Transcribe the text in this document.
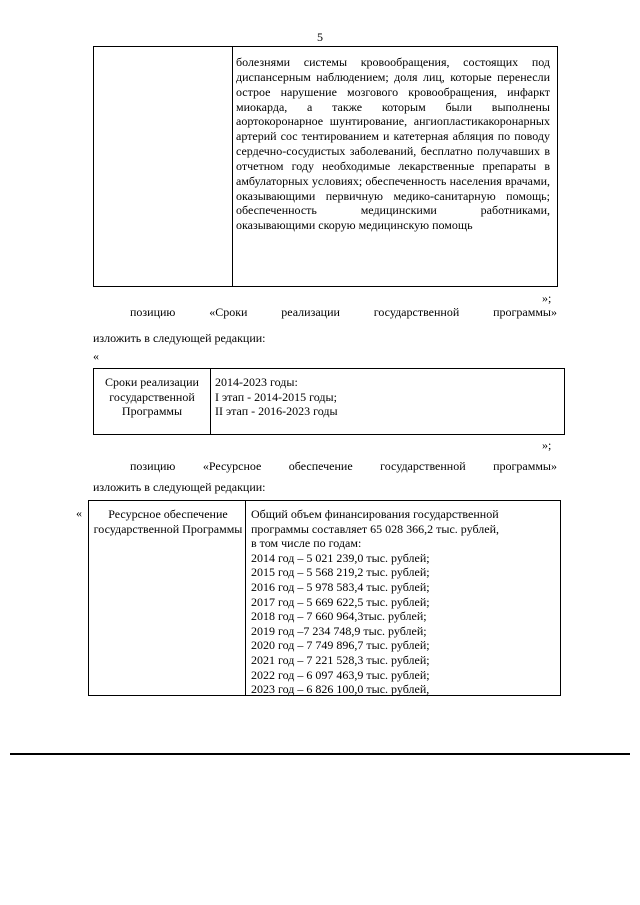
5
болезнями системы кровообращения, состоящих под диспансерным наблюдением; доля лиц, которые перенесли острое нарушение мозгового кровообращения, инфаркт миокарда, а также которым были выполнены аортокоронарное шунтирование, ангиопластикакоронарных артерий сос тентированием и катетерная абляция по поводу сердечно-сосудистых заболеваний, бесплатно получавших в отчетном году необходимые лекарственные препараты в амбулаторных условиях; обеспеченность населения врачами, оказывающими первичную медико-санитарную помощь; обеспеченность медицинскими работниками, оказывающими скорую медицинскую помощь
»;
позицию «Сроки реализации государственной программы»
изложить в следующей редакции:
«
Сроки реализации государственной Программы
2014-2023 годы:
I этап - 2014-2015 годы;
II этап - 2016-2023 годы
»;
позицию «Ресурсное обеспечение государственной программы»
изложить в следующей редакции:
«	Ресурсное обеспечение государственной Программы
Общий объем финансирования государственной
программы составляет 65 028 366,2 тыс. рублей,
в том числе по годам:
2014 год – 5 021 239,0 тыс. рублей;
2015 год – 5 568 219,2 тыс. рублей;
2016 год – 5 978 583,4 тыс. рублей;
2017 год – 5 669 622,5 тыс. рублей;
2018 год – 7 660 964,3тыс. рублей;
2019 год –7 234 748,9 тыс. рублей;
2020 год – 7 749 896,7 тыс. рублей;
2021 год – 7 221 528,3 тыс. рублей;
2022 год – 6 097 463,9 тыс. рублей;
2023 год – 6 826 100,0 тыс. рублей,
